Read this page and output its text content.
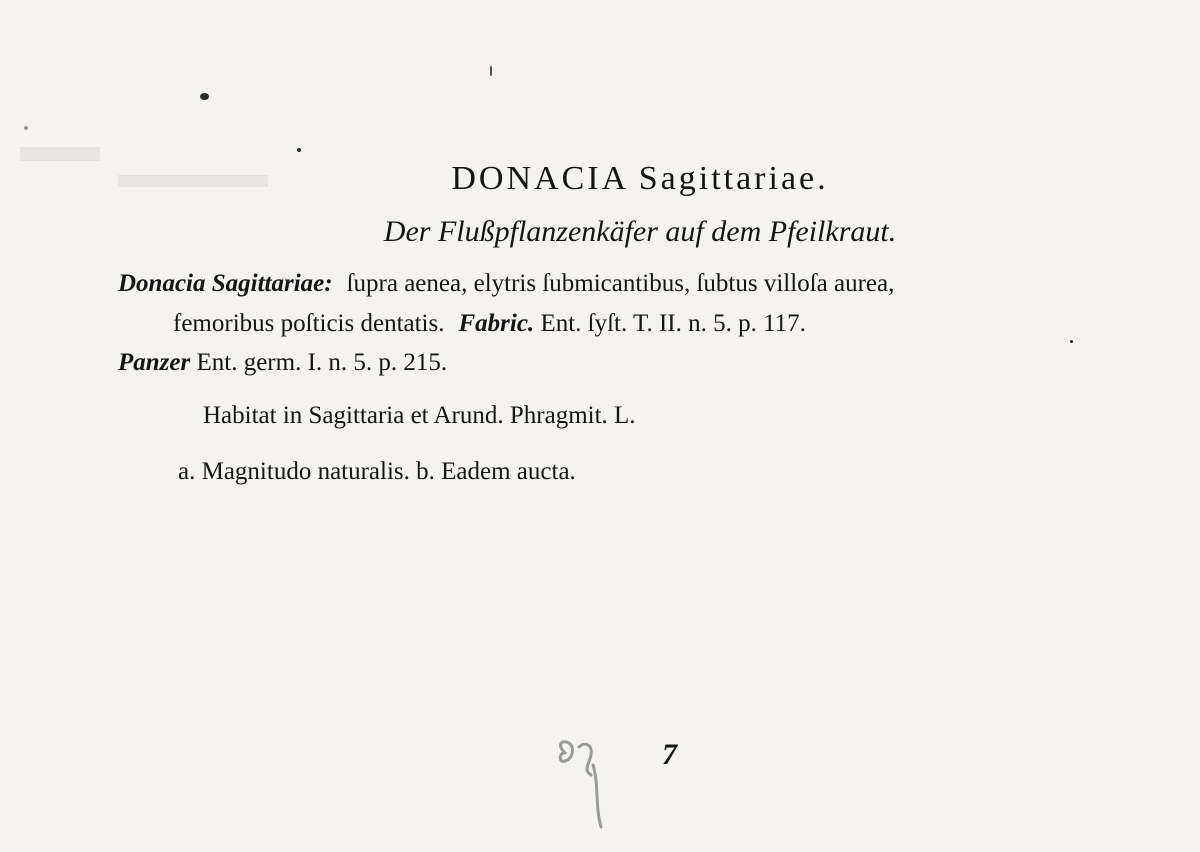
DONACIA Sagittariae.
Der Flußpflanzenkäfer auf dem Pfeilkraut.
Donacia Sagittariae: ſupra aenea, elytris ſubmicantibus, ſubtus villoſa aurea,
femoribus poſticis dentatis. Fabric. Ent. ſyſt. T. II. n. 5. p. 117.
Panzer Ent. germ. I. n. 5. p. 215.
Habitat in Sagittaria et Arund. Phragmit. L.
a. Magnitudo naturalis. b. Eadem aucta.
7
